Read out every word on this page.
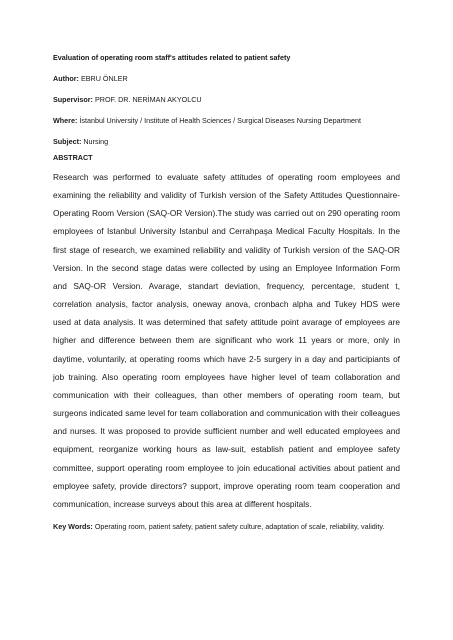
Evaluation of operating room staff's attitudes related to patient safety
Author: EBRU ÖNLER
Supervisor: PROF. DR. NERİMAN AKYOLCU
Where: İstanbul University / Institute of Health Sciences / Surgical Diseases Nursing Department
Subject: Nursing
ABSTRACT

Research was performed to evaluate safety attitudes of operating room employees and examining the reliability and validity of Turkish version of the Safety Attitudes Questionnaire-Operating Room Version (SAQ-OR Version).The study was carried out on 290 operating room employees of Istanbul University Istanbul and Cerrahpaşa Medical Faculty Hospitals. In the first stage of research, we examined reliability and validity of Turkish version of the SAQ-OR Version. In the second stage datas were collected by using an Employee Information Form and SAQ-OR Version. Avarage, standart deviation, frequency, percentage, student t, correlation analysis, factor analysis, oneway anova, cronbach alpha and Tukey HDS were used at data analysis. It was determined that safety attitude point avarage of employees are higher and difference between them are significant who work 11 years or more, only in daytime, voluntarily, at operating rooms which have 2-5 surgery in a day and participiants of job training. Also operating room employees have higher level of team collaboration and communication with their colleagues, than other members of operating room team, but surgeons indicated same level for team collaboration and communication with their colleagues and nurses. It was proposed to provide sufficient number and well educated employees and equipment, reorganize working hours as law-suit, establish patient and employee safety committee, support operating room employee to join educational activities about patient and employee safety, provide directors? support, improve operating room team cooperation and communication, increase surveys about this area at different hospitals.

Key Words: Operating room, patient safety, patient safety culture, adaptation of scale, reliability, validity.
